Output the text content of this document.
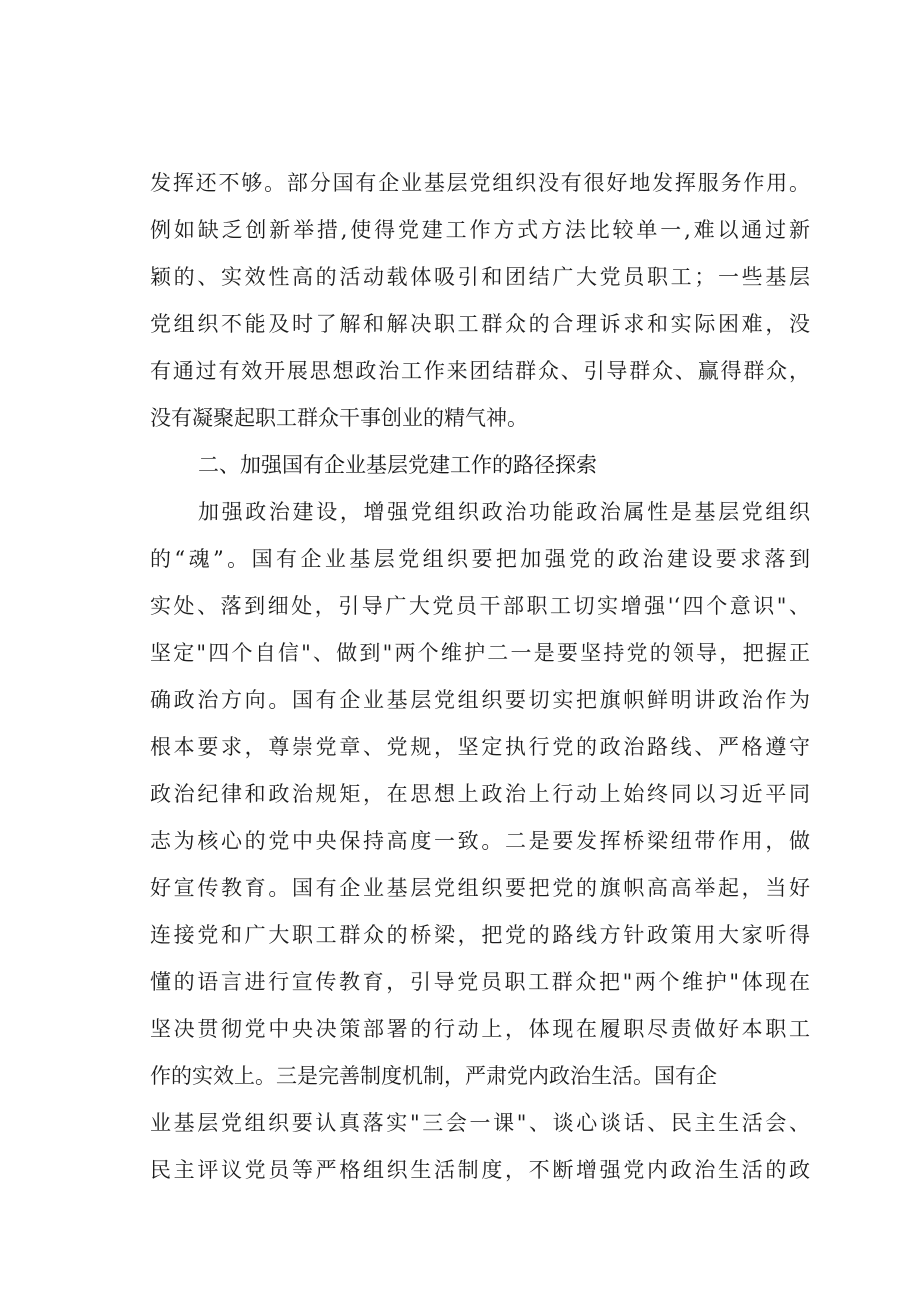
发挥还不够。部分国有企业基层党组织没有很好地发挥服务作用。
例如缺乏创新举措,使得党建工作方式方法比较单一,难以通过新
颖的、实效性高的活动载体吸引和团结广大党员职工；一些基层
党组织不能及时了解和解决职工群众的合理诉求和实际困难，没
有通过有效开展思想政治工作来团结群众、引导群众、赢得群众，
没有凝聚起职工群众干事创业的精气神。
二、加强国有企业基层党建工作的路径探索
加强政治建设，增强党组织政治功能政治属性是基层党组织
的“魂”。国有企业基层党组织要把加强党的政治建设要求落到
实处、落到细处，引导广大党员干部职工切实增强'‘四个意识"、
坚定"四个自信"、做到"两个维护二一是要坚持党的领导，把握正
确政治方向。国有企业基层党组织要切实把旗帜鲜明讲政治作为
根本要求，尊崇党章、党规，坚定执行党的政治路线、严格遵守
政治纪律和政治规矩，在思想上政治上行动上始终同以习近平同
志为核心的党中央保持高度一致。二是要发挥桥梁纽带作用，做
好宣传教育。国有企业基层党组织要把党的旗帜高高举起，当好
连接党和广大职工群众的桥梁，把党的路线方针政策用大家听得
懂的语言进行宣传教育，引导党员职工群众把"两个维护"体现在
坚决贯彻党中央决策部署的行动上，体现在履职尽责做好本职工
作的实效上。三是完善制度机制，严肃党内政治生活。国有企
业基层党组织要认真落实"三会一课"、谈心谈话、民主生活会、
民主评议党员等严格组织生活制度，不断增强党内政治生活的政
